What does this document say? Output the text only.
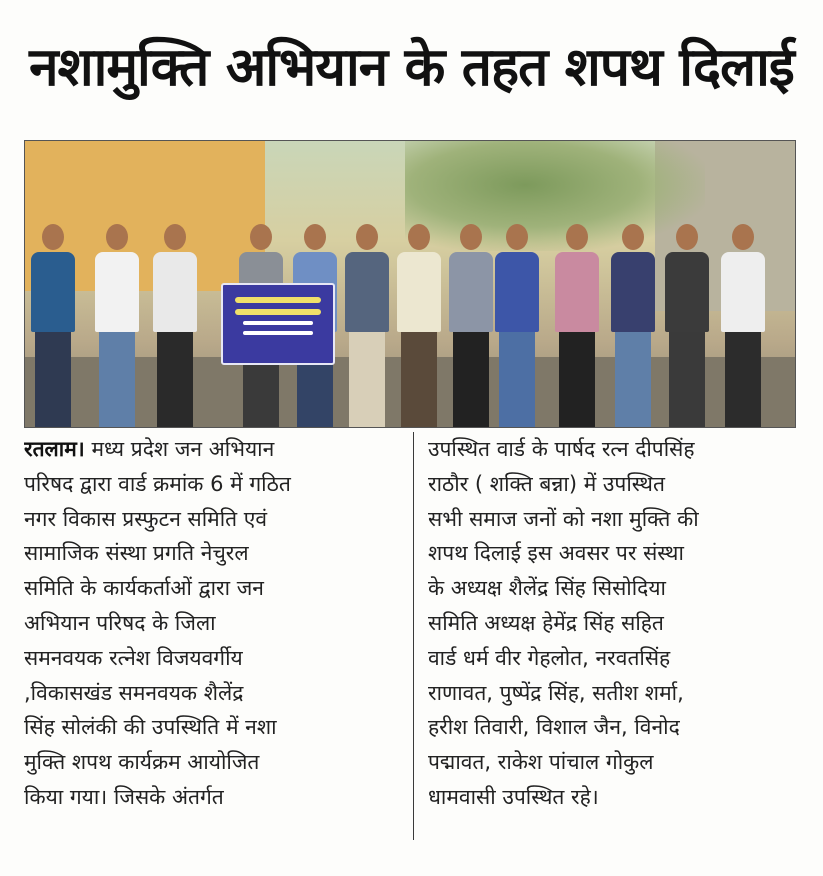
नशामुक्ति अभियान के तहत शपथ दिलाई
रतलाम। मध्य प्रदेश जन अभियान
परिषद द्वारा वार्ड क्रमांक 6 में गठित
नगर विकास प्रस्फुटन समिति एवं
सामाजिक संस्था प्रगति नेचुरल
समिति के कार्यकर्ताओं द्वारा जन
अभियान परिषद के जिला
समनवयक रत्नेश विजयवर्गीय
,विकासखंड समनवयक शैलेंद्र
सिंह सोलंकी की उपस्थिति में नशा
मुक्ति शपथ कार्यक्रम आयोजित
किया गया। जिसके अंतर्गत
उपस्थित वार्ड के पार्षद रत्न दीपसिंह
राठौर ( शक्ति बन्ना) में उपस्थित
सभी समाज जनों को नशा मुक्ति की
शपथ दिलाई इस अवसर पर संस्था
के अध्यक्ष शैलेंद्र सिंह सिसोदिया
समिति अध्यक्ष हेमेंद्र सिंह सहित
वार्ड धर्म वीर गेहलोत, नरवतसिंह
राणावत, पुष्पेंद्र सिंह, सतीश शर्मा,
हरीश तिवारी, विशाल जैन, विनोद
पद्मावत, राकेश पांचाल गोकुल
धामवासी उपस्थित रहे।
